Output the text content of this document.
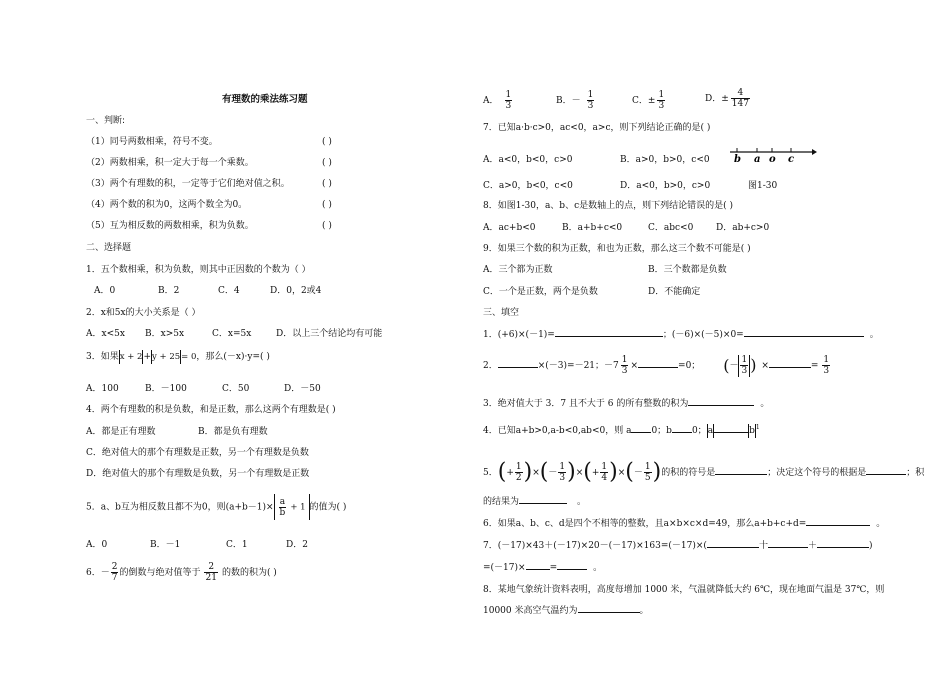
有理数的乘法练习题
一、判断:
（1）同号两数相乘，符号不变。	( )
（2）两数相乘，积一定大于每一个乘数。	( )
（3）两个有理数的积，一定等于它们绝对值之积。	( )
（4）两个数的积为0，这两个数全为0。	( )
（5）互为相反数的两数相乘，积为负数。	( )
二、选择题
1．五个数相乘，积为负数，则其中正因数的个数为（ ）
A．0	B．2	C．4	D．0，2或4
2．x和5x的大小关系是（ ）
A．x<5x B．x>5x	C．x=5x	D．以上三个结论均有可能
3．如果x + 2+y + 25= 0，那么(－x)·y=( )
A．100	B．－100	C．50	D．－50
4．两个有理数的积是负数，和是正数，那么这两个有理数是( )
A．都是正有理数	B．都是负有理数
C．绝对值大的那个有理数是正数，另一个有理数是负数
D．绝对值大的那个有理数是负数，另一个有理数是正数
5．a、b互为相反数且都不为0，则$(a+b-1)\times \frac{a}{b} + 1$ 的值为( )
A．0	B．－1	C．1	D．2
6．－ $\frac{2}{7}$ 的倒数与绝对值等于 $\frac{2}{21}$ 的数的积为( )
A． $\frac{1}{3}$	B．－ $\frac{1}{3}$	C．± $\frac{1}{3}$	D．± $\frac{4}{147}$
7．已知a·b·c>0，ac<0，a>c，则下列结论正确的是( )
A．a<0，b<0，c>0	B．a>0，b>0，c<0
C．a>0，b<0，c<0	D．a<0，b>0，c>0
b a o c
图1-30
8．如图1-30，a、b、c是数轴上的点，则下列结论错误的是( )
A．ac+b<0	B．a+b+c<0	C．abc<0	D．ab+c>0
9．如果三个数的积为正数，和也为正数，那么这三个数不可能是( )
A．三个都为正数	B．三个数都是负数
C．一个是正数，两个是负数	D．不能确定
三、填空
1．(+6)×(－1)=	；(－6)×(－5)×0=	。
2．	×(－3)=－21；$-7 \frac{1}{3}$ ×	=0； (－ $\frac{1}{3}$ ) ×	= $\frac{1}{3}$
3．绝对值大于 3．7 且不大于 6 的所有整数的积为	。
4．已知a+b>0,a-b<0,ab<0，则 a 0；b 0；a	$b^1$
5．(+ $\frac{1}{2}$ )×(－ $\frac{1}{3}$ )×(+ $\frac{1}{4}$ )×(－ $\frac{1}{5}$ )的积的符号是	；决定这个符号的根据是	；积
的结果为	。
6．如果a、b、c、d是四个不相等的整数，且a×b×c×d=49，那么a+b+c+d=	。
7．(－17)×43＋(－17)×20－(－17)×163=(－17)×(	十	＋	)
=(－17)×	=	。
8．某地气象统计资料表明，高度每增加 1000 米，气温就降低大约 6℃，现在地面气温是 37℃，则
10000 米高空气温约为	。
